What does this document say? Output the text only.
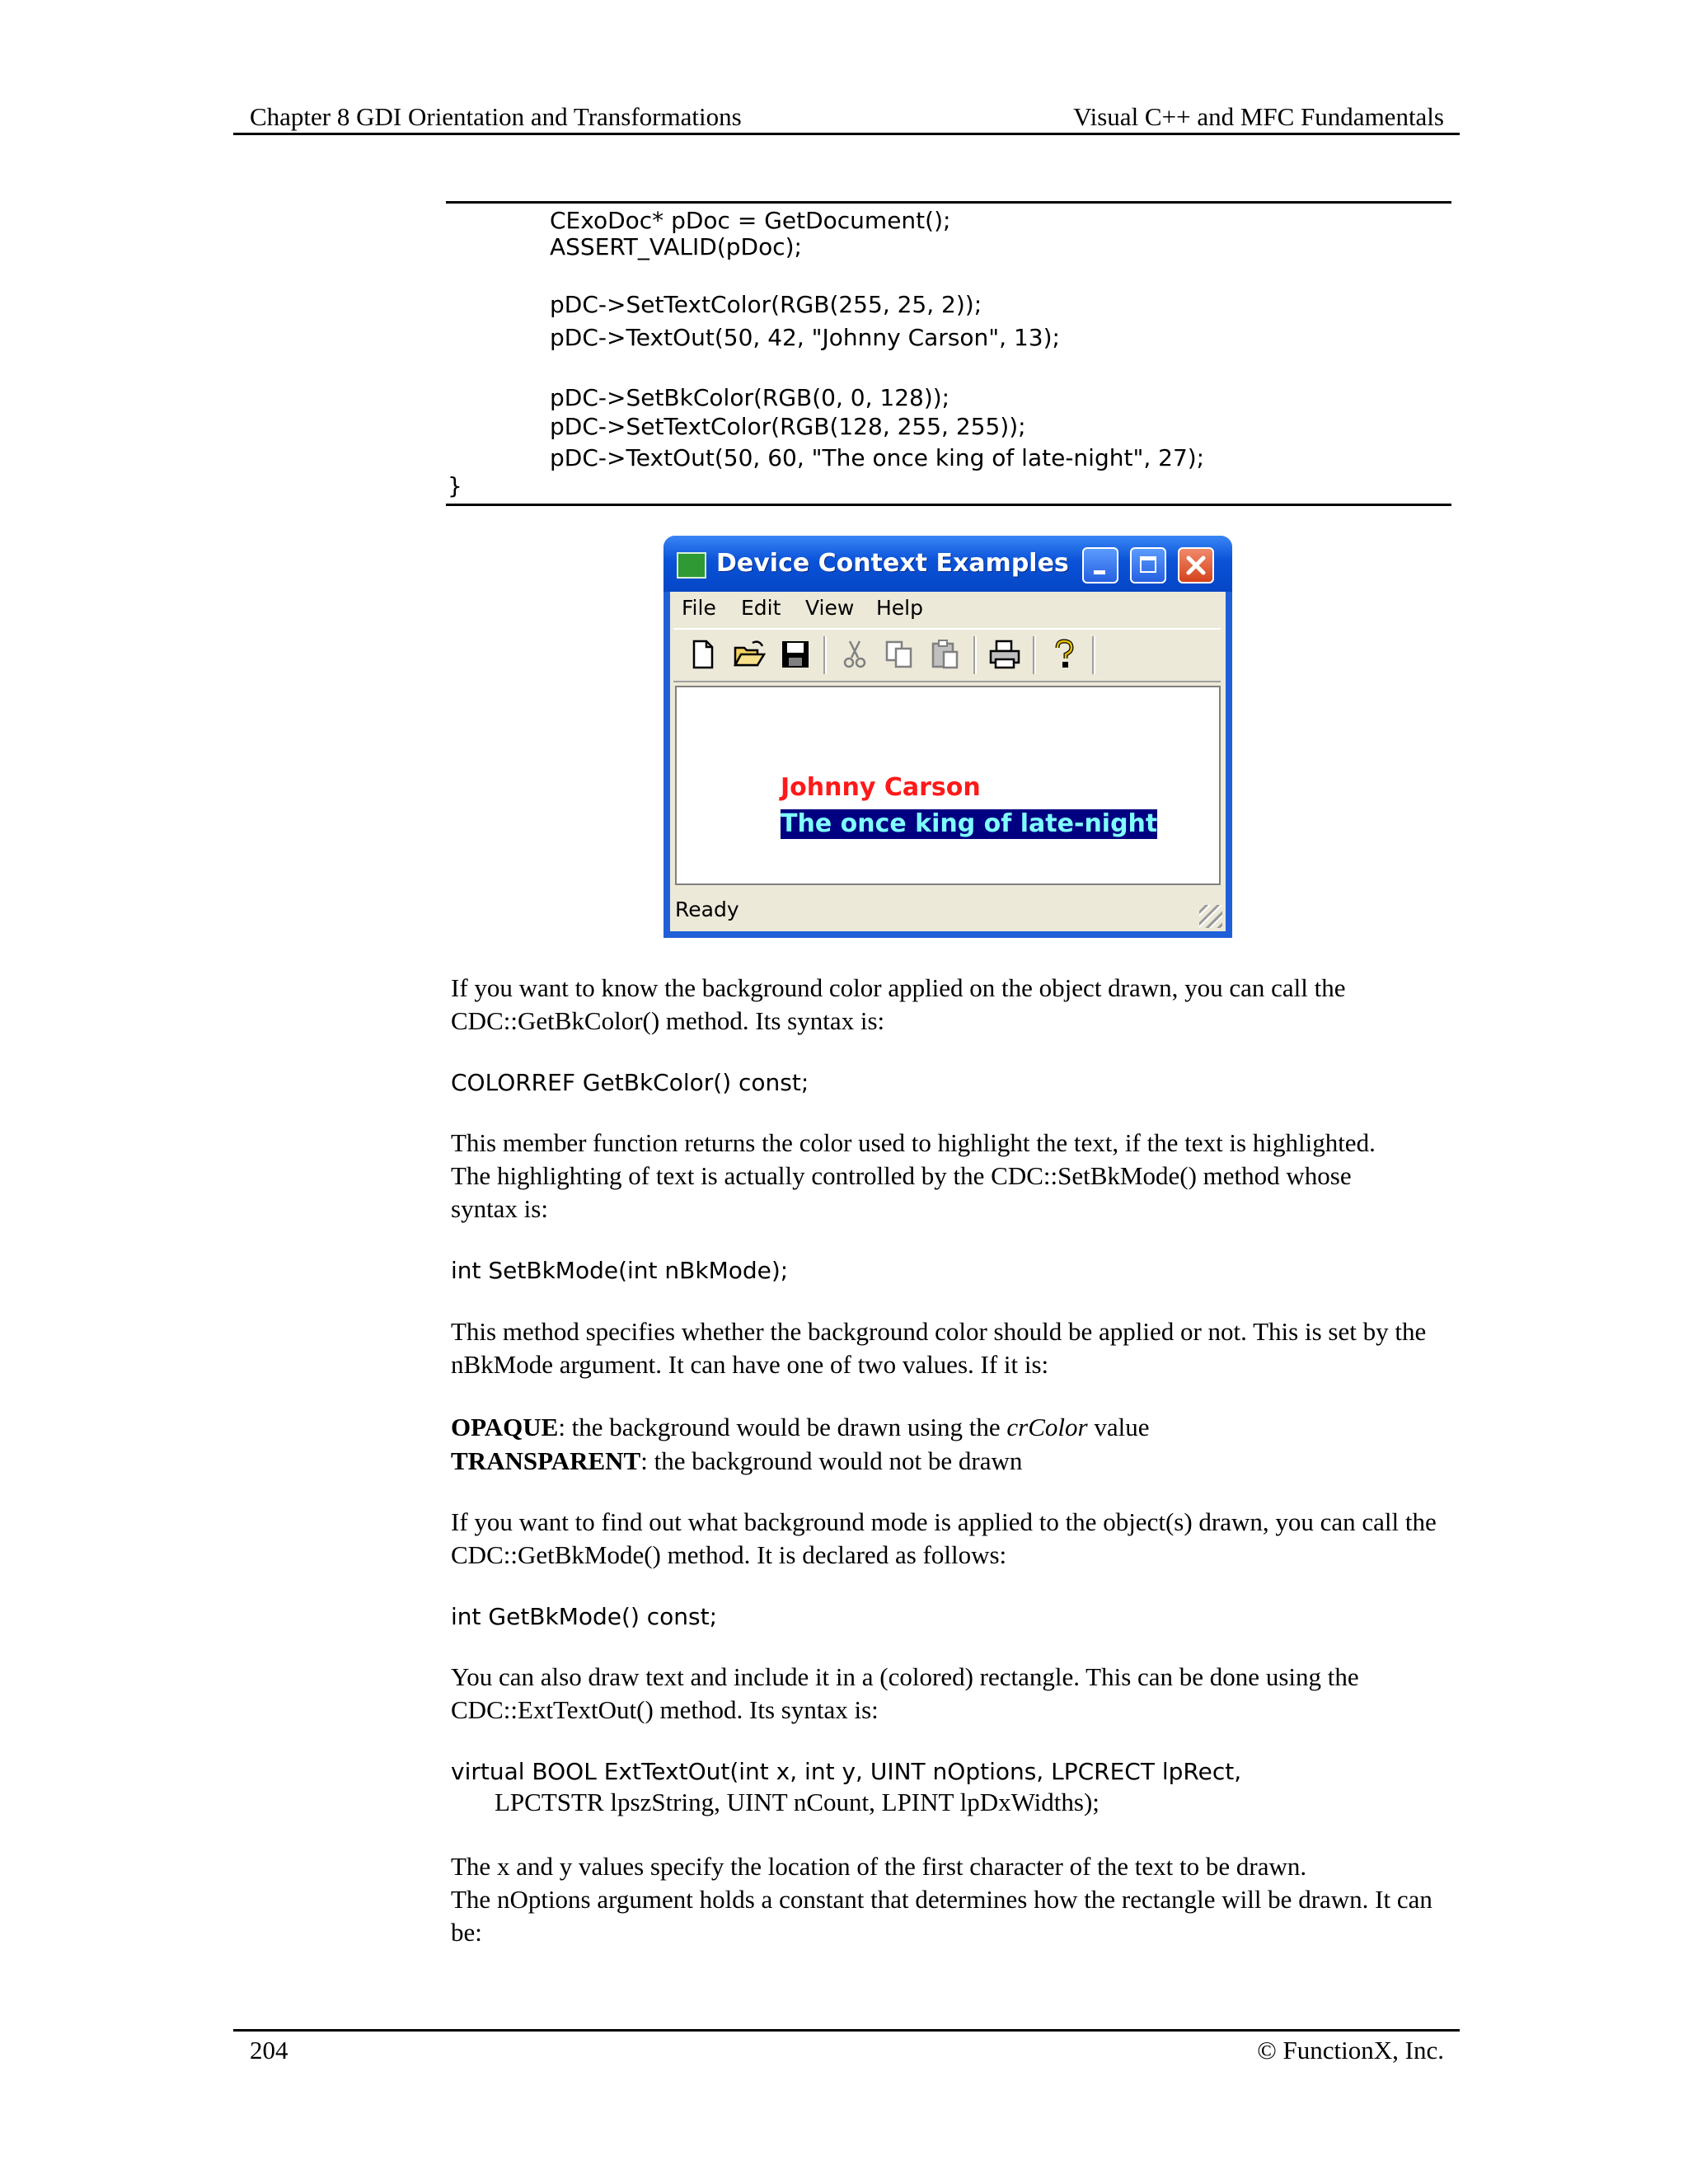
Chapter 8 GDI Orientation and Transformations	Visual C++ and MFC Fundamentals
CExoDoc* pDoc = GetDocument();
ASSERT_VALID(pDoc);
pDC->SetTextColor(RGB(255, 25, 2));
pDC->TextOut(50, 42, "Johnny Carson", 13);
pDC->SetBkColor(RGB(0, 0, 128));
pDC->SetTextColor(RGB(128, 255, 255));
pDC->TextOut(50, 60, "The once king of late-night", 27);
}
Device Context Examples
File Edit View Help
Johnny Carson
The once king of late-night
Ready
If you want to know the background color applied on the object drawn, you can call the CDC::GetBkColor() method. Its syntax is:
COLORREF GetBkColor() const;
This member function returns the color used to highlight the text, if the text is highlighted. The highlighting of text is actually controlled by the CDC::SetBkMode() method whose syntax is:
int SetBkMode(int nBkMode);
This method specifies whether the background color should be applied or not. This is set by the nBkMode argument. It can have one of two values. If it is:
OPAQUE: the background would be drawn using the crColor value
TRANSPARENT: the background would not be drawn
If you want to find out what background mode is applied to the object(s) drawn, you can call the CDC::GetBkMode() method. It is declared as follows:
int GetBkMode() const;
You can also draw text and include it in a (colored) rectangle. This can be done using the CDC::ExtTextOut() method. Its syntax is:
virtual BOOL ExtTextOut(int x, int y, UINT nOptions, LPCRECT lpRect,
LPCTSTR lpszString, UINT nCount, LPINT lpDxWidths);
The x and y values specify the location of the first character of the text to be drawn.
The nOptions argument holds a constant that determines how the rectangle will be drawn. It can be:
204	© FunctionX, Inc.
